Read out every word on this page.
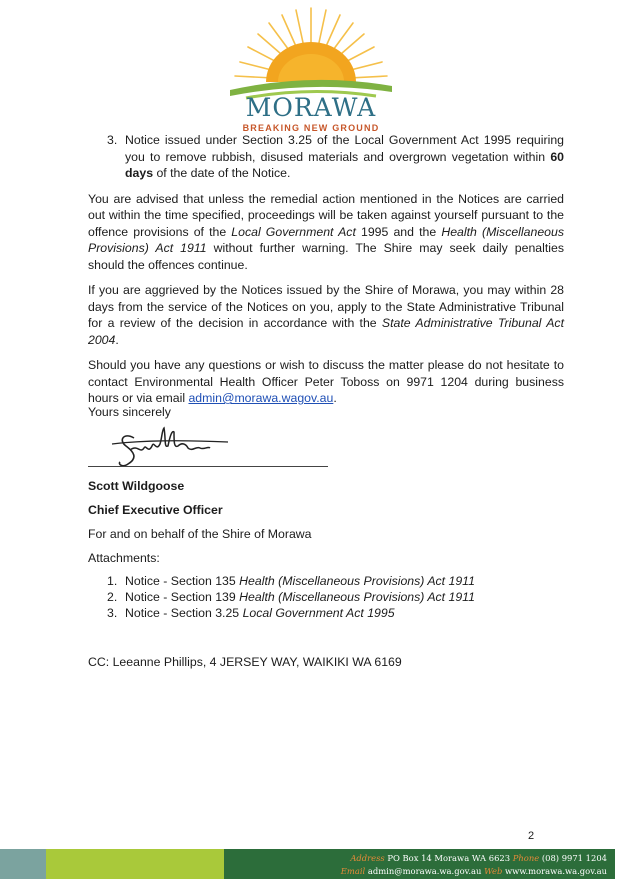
MORAWA
BREAKING NEW GROUND
3. Notice issued under Section 3.25 of the Local Government Act 1995 requiring you to remove rubbish, disused materials and overgrown vegetation within 60 days of the date of the Notice.

You are advised that unless the remedial action mentioned in the Notices are carried out within the time specified, proceedings will be taken against yourself pursuant to the offence provisions of the Local Government Act 1995 and the Health (Miscellaneous Provisions) Act 1911 without further warning. The Shire may seek daily penalties should the offences continue.

If you are aggrieved by the Notices issued by the Shire of Morawa, you may within 28 days from the service of the Notices on you, apply to the State Administrative Tribunal for a review of the decision in accordance with the State Administrative Tribunal Act 2004.

Should you have any questions or wish to discuss the matter please do not hesitate to contact Environmental Health Officer Peter Toboss on 9971 1204 during business hours or via email admin@morawa.wagov.au.

Yours sincerely
Scott Wildgoose
Chief Executive Officer
For and on behalf of the Shire of Morawa
Attachments:
1. Notice - Section 135 Health (Miscellaneous Provisions) Act 1911
2. Notice - Section 139 Health (Miscellaneous Provisions) Act 1911
3. Notice - Section 3.25 Local Government Act 1995
CC: Leeanne Phillips, 4 JERSEY WAY, WAIKIKI WA 6169
2
Address PO Box 14 Morawa WA 6623 Phone (08) 9971 1204
Email admin@morawa.wa.gov.au Web www.morawa.wa.gov.au
